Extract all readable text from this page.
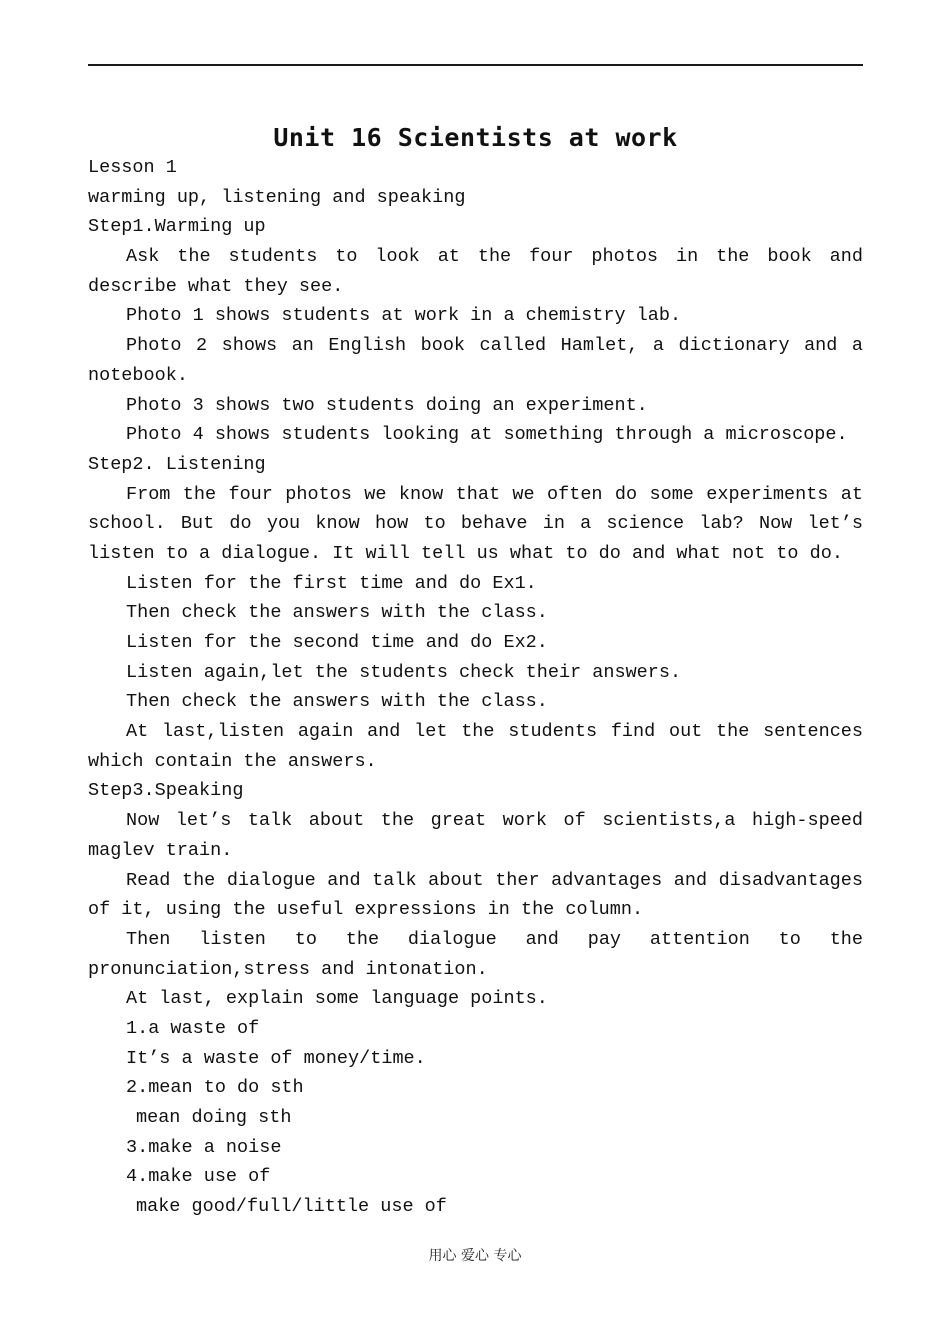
Unit 16 Scientists at work
Lesson 1
warming up, listening and speaking
Step1.Warming up
Ask the students to look at the four photos in the book and
describe what they see.
Photo 1 shows students at work in a chemistry lab.
Photo 2 shows an English book called Hamlet, a dictionary and a
notebook.
Photo 3 shows two students doing an experiment.
Photo 4 shows students looking at something through a microscope.
Step2. Listening
From the four photos we know that we often do some experiments at
school. But do you know how to behave in a science lab? Now let’s
listen to a dialogue. It will tell us what to do and what not to do.
Listen for the first time and do Ex1.
Then check the answers with the class.
Listen for the second time and do Ex2.
Listen again,let the students check their answers.
Then check the answers with the class.
At last,listen again and let the students find out the sentences
which contain the answers.
Step3.Speaking
Now let’s talk about the great work of scientists,a high-speed
maglev train.
Read the dialogue and talk about ther advantages and disadvantages
of it, using the useful expressions in the column.
Then listen to the dialogue and pay attention to the
pronunciation,stress and intonation.
At last, explain some language points.
1.a waste of
It’s a waste of money/time.
2.mean to do sth
mean doing sth
3.make a noise
4.make use of
make good/full/little use of
用心 爱心 专心
